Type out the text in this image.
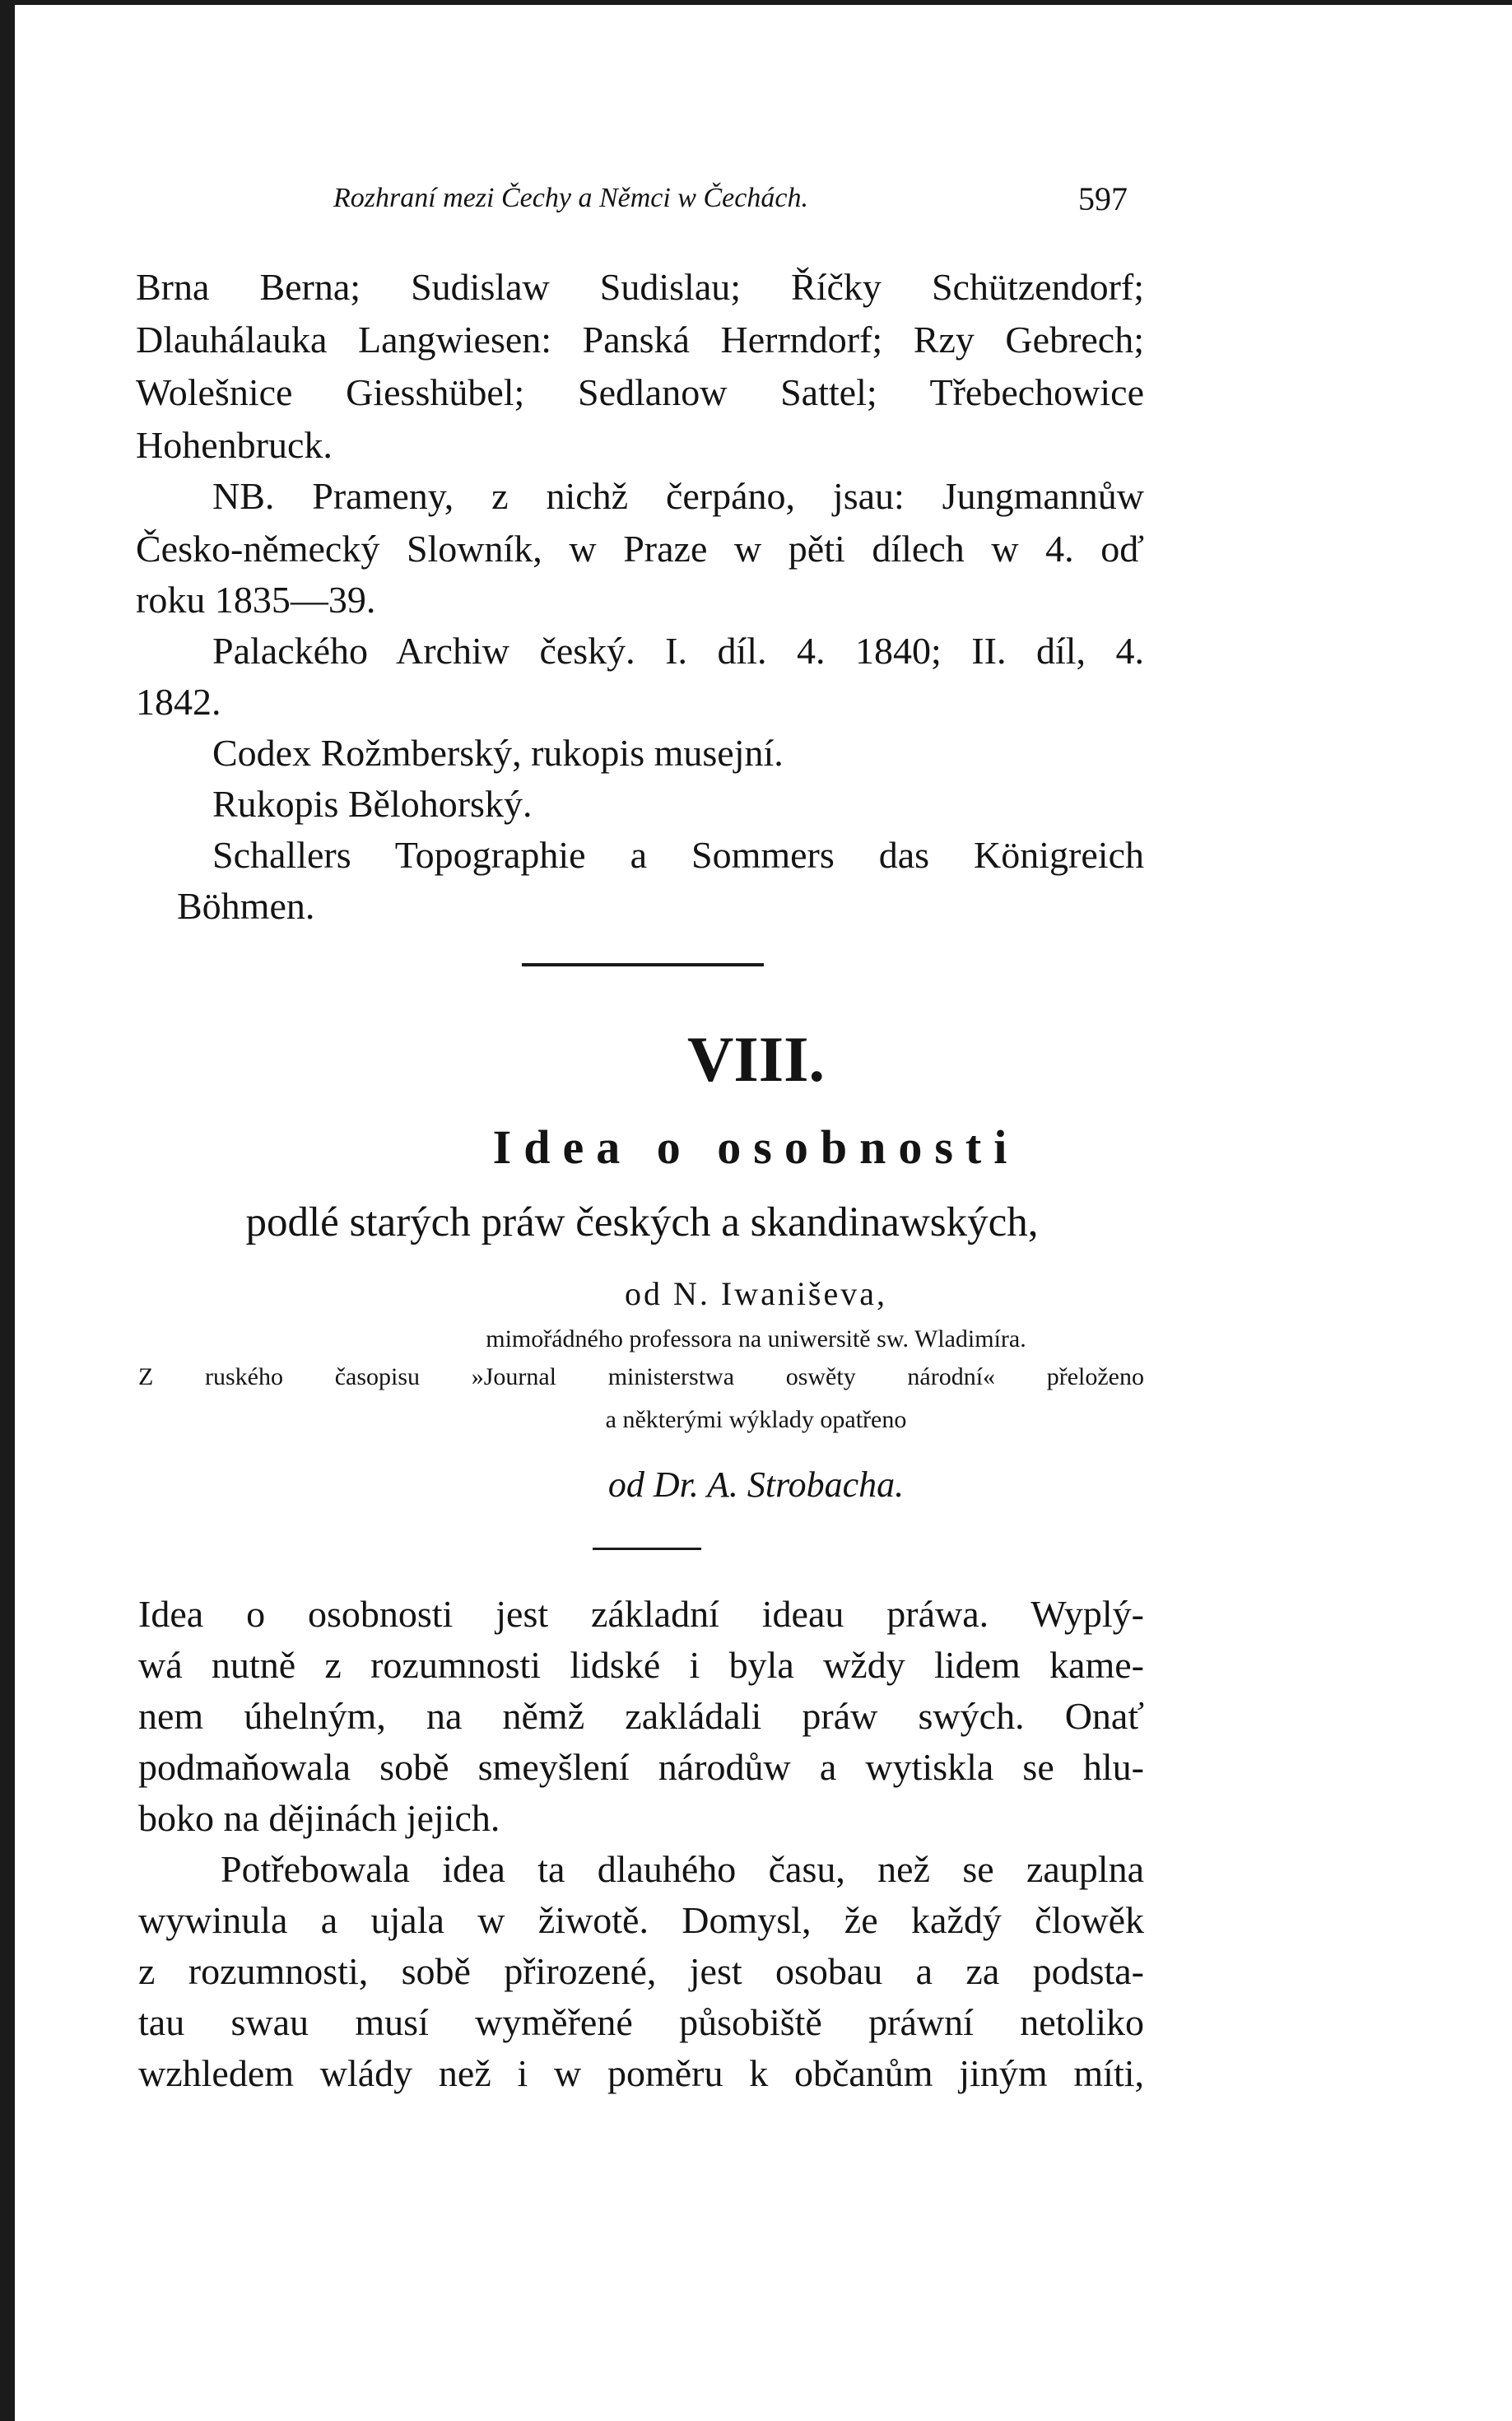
Rozhraní mezi Čechy a Němci w Čechách.	597
Brna Berna; Sudislaw Sudislau; Říčky Schützendorf;
Dlauhálauka Langwiesen: Panská Herrndorf; Rzy Gebrech;
Wolešnice Giesshübel; Sedlanow Sattel; Třebechowice
Hohenbruck.
NB. Prameny, z nichž čerpáno, jsau: Jungmannůw
Česko-německý Slowník, w Praze w pěti dílech w 4. oď
roku 1835—39.
Palackého Archiw český. I. díl. 4. 1840; II. díl, 4.
1842.
Codex Rožmberský, rukopis musejní.
Rukopis Bělohorský.
Schallers Topographie a Sommers das Königreich
Böhmen.
VIII.
Idea o osobnosti
podlé starých práw českých a skandinawských,
od N. Iwaniševa,
mimořádného professora na uniwersitě sw. Wladimíra.
Z ruského časopisu »Journal ministerstwa oswěty národní« přeloženo
a některými wýklady opatřeno
od Dr. A. Strobacha.
Idea o osobnosti jest základní ideau práwa. Wyplý-
wá nutně z rozumnosti lidské i byla wždy lidem kame-
nem úhelným, na němž zakládali práw swých. Onať
podmaňowala sobě smeyšlení národůw a wytiskla se hlu-
boko na dějinách jejich.
Potřebowala idea ta dlauhého času, než se zauplna
wywinula a ujala w žiwotě. Domysl, že každý člowěk
z rozumnosti, sobě přirozené, jest osobau a za podsta-
tau swau musí wyměřené působiště práwní netoliko
wzhledem wlády než i w poměru k občanům jiným míti,
